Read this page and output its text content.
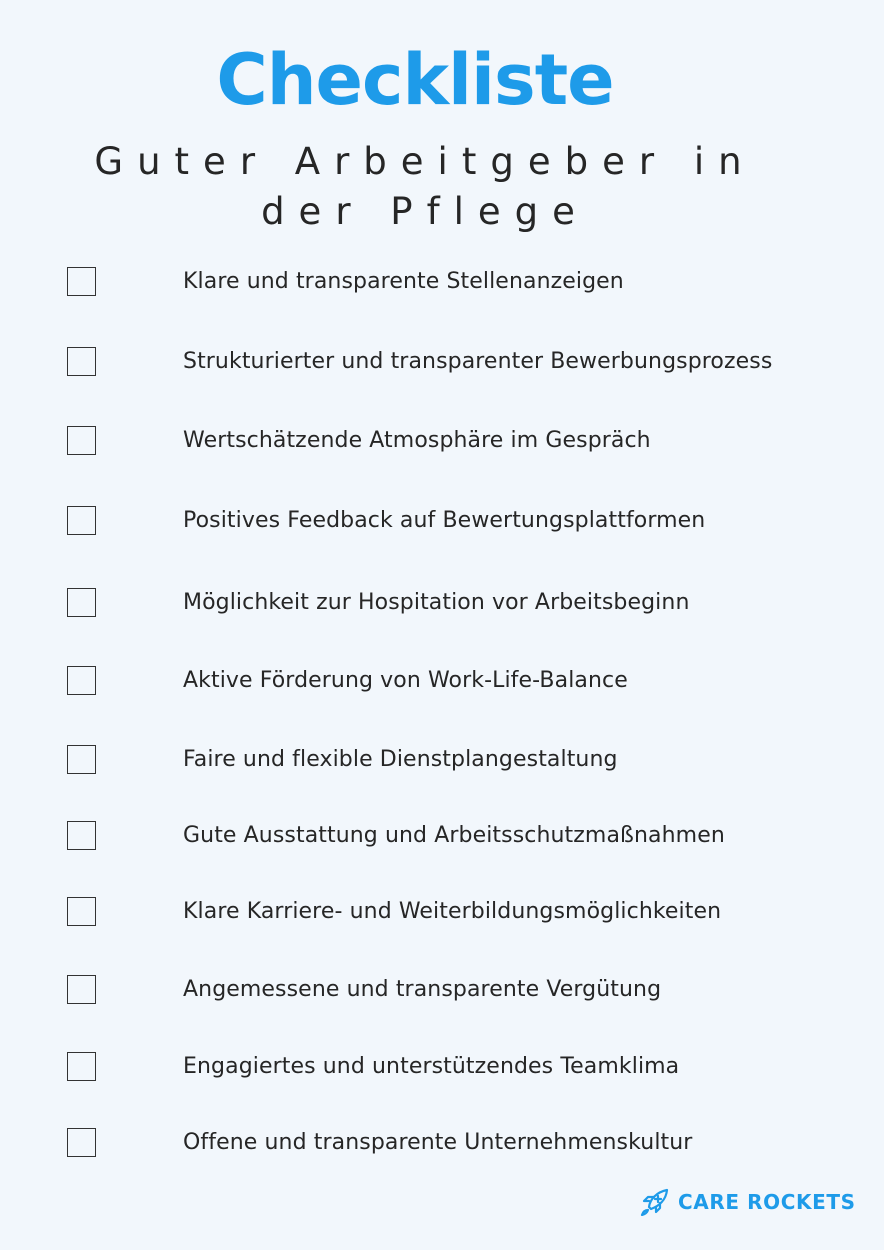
Checkliste
Guter Arbeitgeber in
der Pflege
Klare und transparente Stellenanzeigen
Strukturierter und transparenter Bewerbungsprozess
Wertschätzende Atmosphäre im Gespräch
Positives Feedback auf Bewertungsplattformen
Möglichkeit zur Hospitation vor Arbeitsbeginn
Aktive Förderung von Work-Life-Balance
Faire und flexible Dienstplangestaltung
Gute Ausstattung und Arbeitsschutzmaßnahmen
Klare Karriere- und Weiterbildungsmöglichkeiten
Angemessene und transparente Vergütung
Engagiertes und unterstützendes Teamklima
Offene und transparente Unternehmenskultur
CARE ROCKETS
